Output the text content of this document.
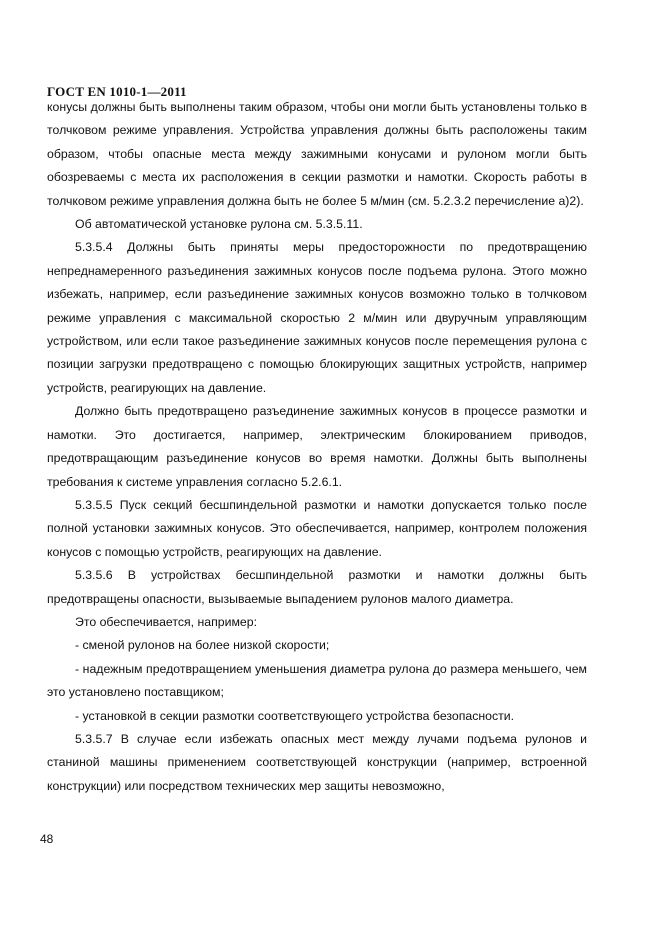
ГОСТ EN 1010-1—2011

конусы должны быть выполнены таким образом, чтобы они могли быть установлены только в толчковом режиме управления. Устройства управления должны быть расположены таким образом, чтобы опасные места между зажимными конусами и рулоном могли быть обозреваемы с места их расположения в секции размотки и намотки. Скорость работы в толчковом режиме управления должна быть не более 5 м/мин (см. 5.2.3.2 перечисление а)2).

Об автоматической установке рулона см. 5.3.5.11.

5.3.5.4 Должны быть приняты меры предосторожности по предотвращению непреднамеренного разъединения зажимных конусов после подъема рулона. Этого можно избежать, например, если разъединение зажимных конусов возможно только в толчковом режиме управления с максимальной скоростью 2 м/мин или двуручным управляющим устройством, или если такое разъединение зажимных конусов после перемещения рулона с позиции загрузки предотвращено с помощью блокирующих защитных устройств, например устройств, реагирующих на давление.

Должно быть предотвращено разъединение зажимных конусов в процессе размотки и намотки. Это достигается, например, электрическим блокированием приводов, предотвращающим разъединение конусов во время намотки. Должны быть выполнены требования к системе управления согласно 5.2.6.1.

5.3.5.5 Пуск секций бесшпиндельной размотки и намотки допускается только после полной установки зажимных конусов. Это обеспечивается, например, контролем положения конусов с помощью устройств, реагирующих на давление.

5.3.5.6 В устройствах бесшпиндельной размотки и намотки должны быть предотвращены опасности, вызываемые выпадением рулонов малого диаметра.

Это обеспечивается, например:

- сменой рулонов на более низкой скорости;

- надежным предотвращением уменьшения диаметра рулона до размера меньшего, чем это установлено поставщиком;

- установкой в секции размотки соответствующего устройства безопасности.

5.3.5.7 В случае если избежать опасных мест между лучами подъема рулонов и станиной машины применением соответствующей конструкции (например, встроенной конструкции) или посредством технических мер защиты невозможно,

48
